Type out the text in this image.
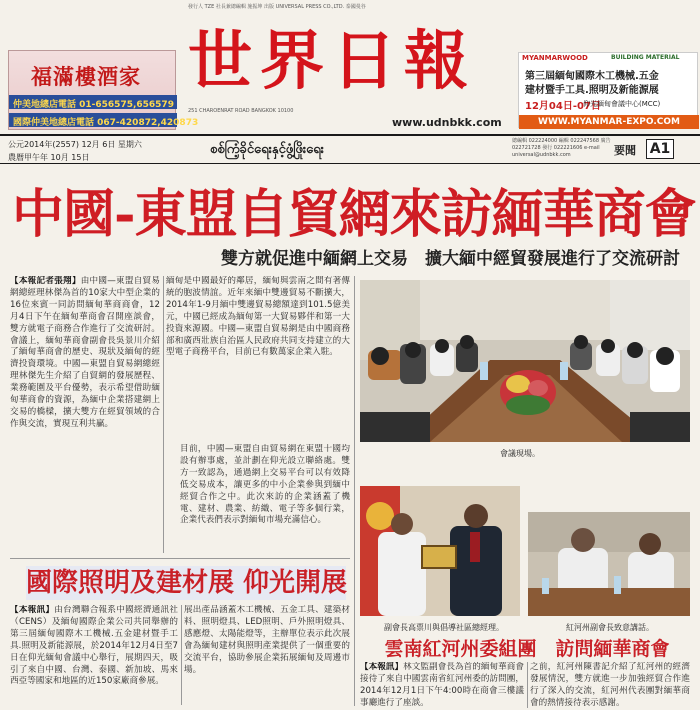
福滿樓酒家
仲美地總店電話 01-656575,656579
國際仲美地總店電話 067-420872,420873
發行人 TZE 社長兼總編輯 施振坤 出版 UNIVERSAL PRESS CO.,LTD. 泰國曼谷
世界日報
251 CHAROENRAT ROAD BANGKOK 10100
www.udnbkk.com
MYANMARWOOD	BUILDING MATERIAL
第三屆緬甸國際木工機械.五金
建材暨手工具.照明及新能源展
12月04日-07日
仰光緬甸會議中心(MCC)
WWW.MYANMAR-EXPO.COM
公元2014年(2557) 12月 6日 星期六
農曆甲午年 10月 15日
စစ်ကြံ့ခိုင်ရေးနှင့်ဖွံ့ဖြိုးရေး
總編輯 022224000 編輯 022247568 廣告 022721728 發行 022221606 e-mail universal@udnbkk.com	要聞 A1
中國-東盟自貿網來訪緬華商會
雙方就促進中緬網上交易　擴大緬中經貿發展進行了交流研討
【本報記者張翔】由中國—東盟自貿易網總經理林傑為首的10家大中型企業的16位來賓一同訪問緬甸華商商會，12月4日下午在緬甸華商會召開座談會，雙方就電子商務合作進行了交流研討。會議上，緬甸華商會副會長吳景川介紹了緬甸華商會的歷史、現狀及緬甸的經濟投資環境。中國—東盟自貿易網總經理林傑先生介紹了自貿網的發展歷程、業務範圍及平台優勢，表示希望借助緬甸華商會的資源，為緬中企業搭建網上交易的橋樑，擴大雙方在經貿領域的合作與交流，實現互利共贏。
緬甸是中國最好的鄰居，緬甸與雲南之間有著傳統的胞波情誼。近年來緬中雙邊貿易不斷擴大，2014年1-9月緬中雙邊貿易總額達到101.5億美元，中國已經成為緬甸第一大貿易夥伴和第一大投資來源國。中國—東盟自貿易網是由中國商務部和廣西壯族自治區人民政府共同支持建立的大型電子商務平台，目前已有數萬家企業入駐。
目前，中國—東盟自由貿易網在東盟十國均設有辦事處，並計劃在仰光設立聯絡處。雙方一致認為，通過網上交易平台可以有效降低交易成本，讓更多的中小企業參與到緬中經貿合作之中。此次來訪的企業涵蓋了機電、建材、農業、紡織、電子等多個行業，企業代表們表示對緬甸市場充滿信心。
會議現場。
國際照明及建材展 仰光開展
【本報訊】由台灣聯合報系中國經濟通訊社（CENS）及緬甸國際企業公司共同舉辦的第三屆緬甸國際木工機械.五金建材暨手工具.照明及新能源展，於2014年12月4日至7日在仰光緬甸會議中心舉行，展期四天，吸引了來自中國、台灣、泰國、新加坡、馬來西亞等國家和地區的近150家廠商參展。
展出產品涵蓋木工機械、五金工具、建築材料、照明燈具、LED照明、戶外照明燈具、感應燈、太陽能燈等，主辦單位表示此次展會為緬甸建材與照明產業提供了一個重要的交流平台，協助參展企業拓展緬甸及周邊市場。
副會長高票川與倡導社區總經理。	紅河州副會長致意講話。
雲南紅河州委組團　訪問緬華商會
【本報訊】林文監副會長為首的緬甸華商會接待了來自中國雲南省紅河州委的訪問團，2014年12月1日下午4:00時在商會三樓議事廳進行了座談。
之前，紅河州陳書記介紹了紅河州的經濟發展情況，雙方就進一步加強經貿合作進行了深入的交流，紅河州代表團對緬華商會的熱情接待表示感謝。
